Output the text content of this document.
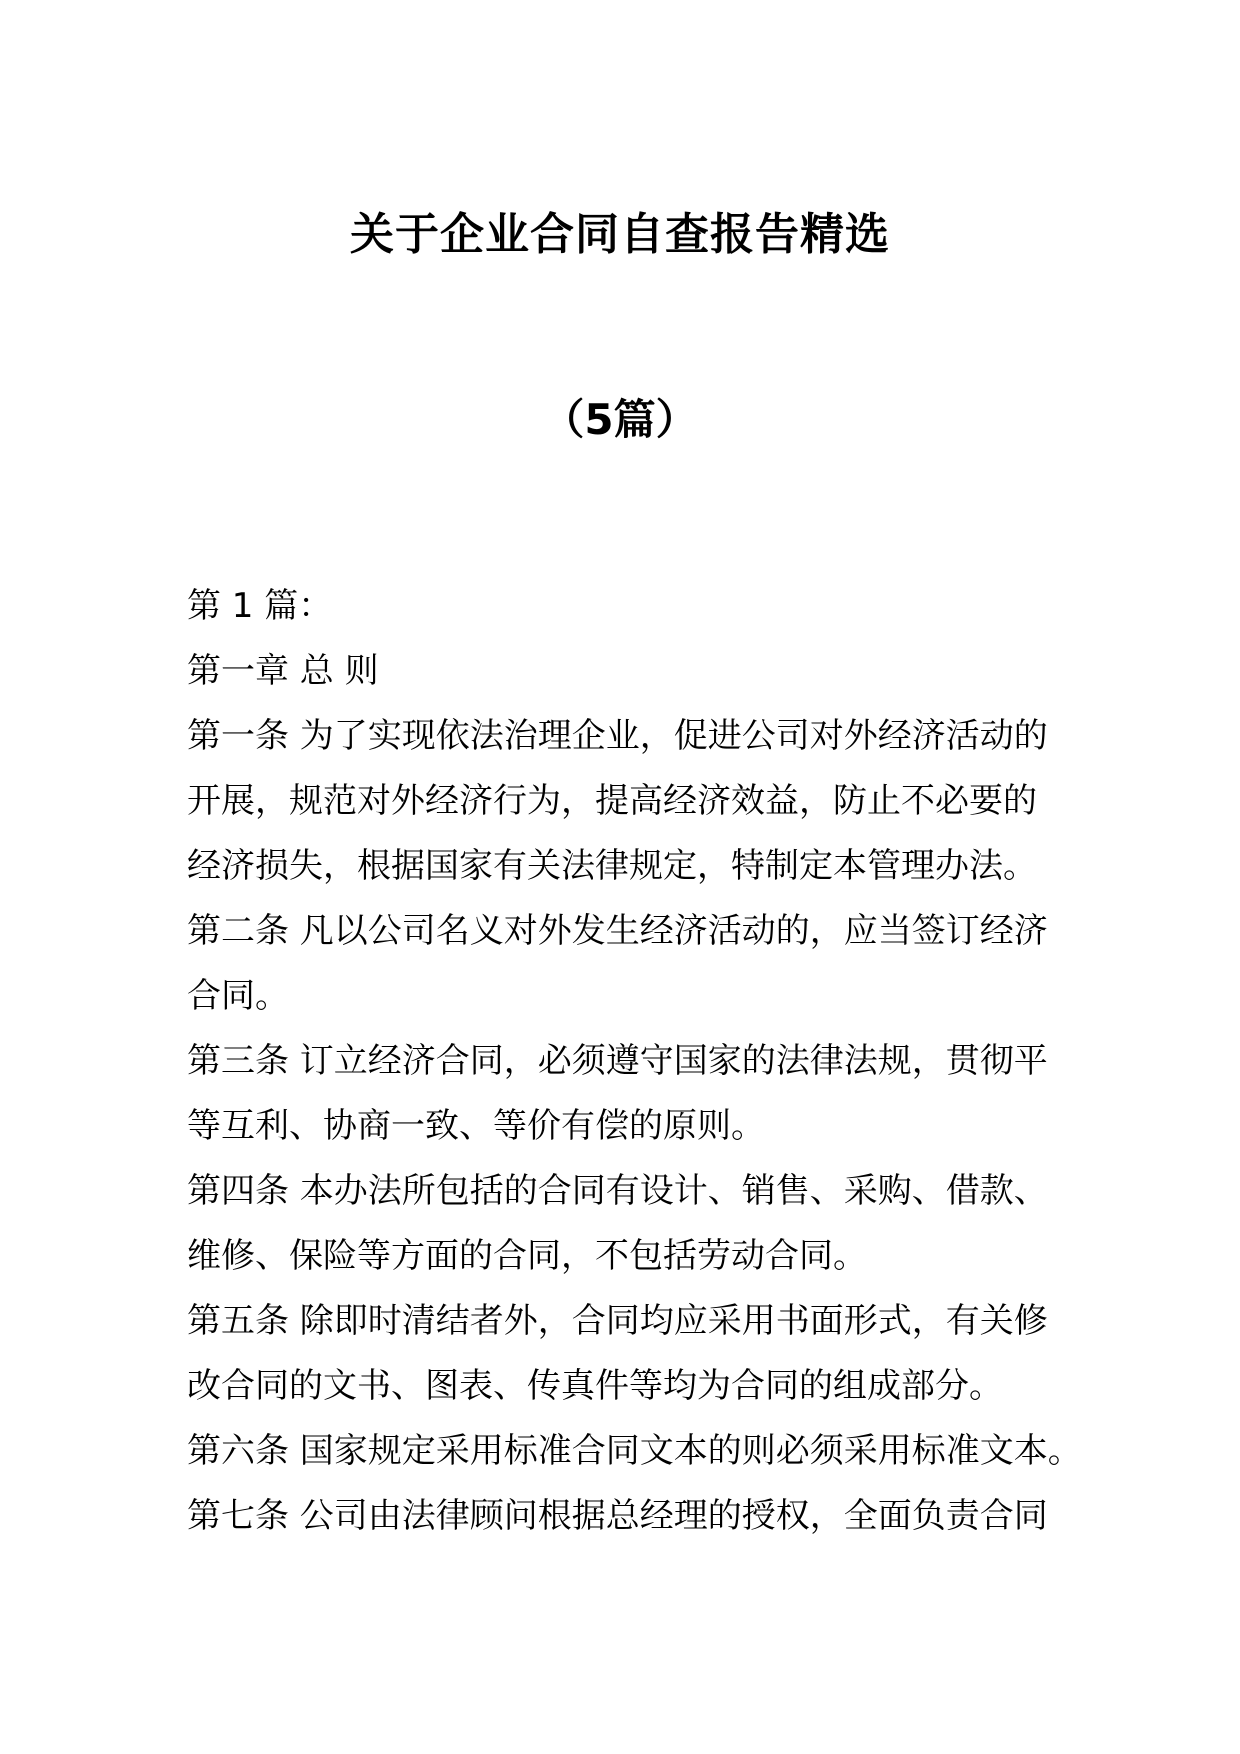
关于企业合同自查报告精选
（5篇）
第 1 篇：
第一章 总 则
第一条 为了实现依法治理企业，促进公司对外经济活动的
开展，规范对外经济行为，提高经济效益，防止不必要的
经济损失，根据国家有关法律规定，特制定本管理办法。
第二条 凡以公司名义对外发生经济活动的，应当签订经济
合同。
第三条 订立经济合同，必须遵守国家的法律法规，贯彻平
等互利、协商一致、等价有偿的原则。
第四条 本办法所包括的合同有设计、销售、采购、借款、
维修、保险等方面的合同，不包括劳动合同。
第五条 除即时清结者外，合同均应采用书面形式，有关修
改合同的文书、图表、传真件等均为合同的组成部分。
第六条 国家规定采用标准合同文本的则必须采用标准文本。
第七条 公司由法律顾问根据总经理的授权，全面负责合同
